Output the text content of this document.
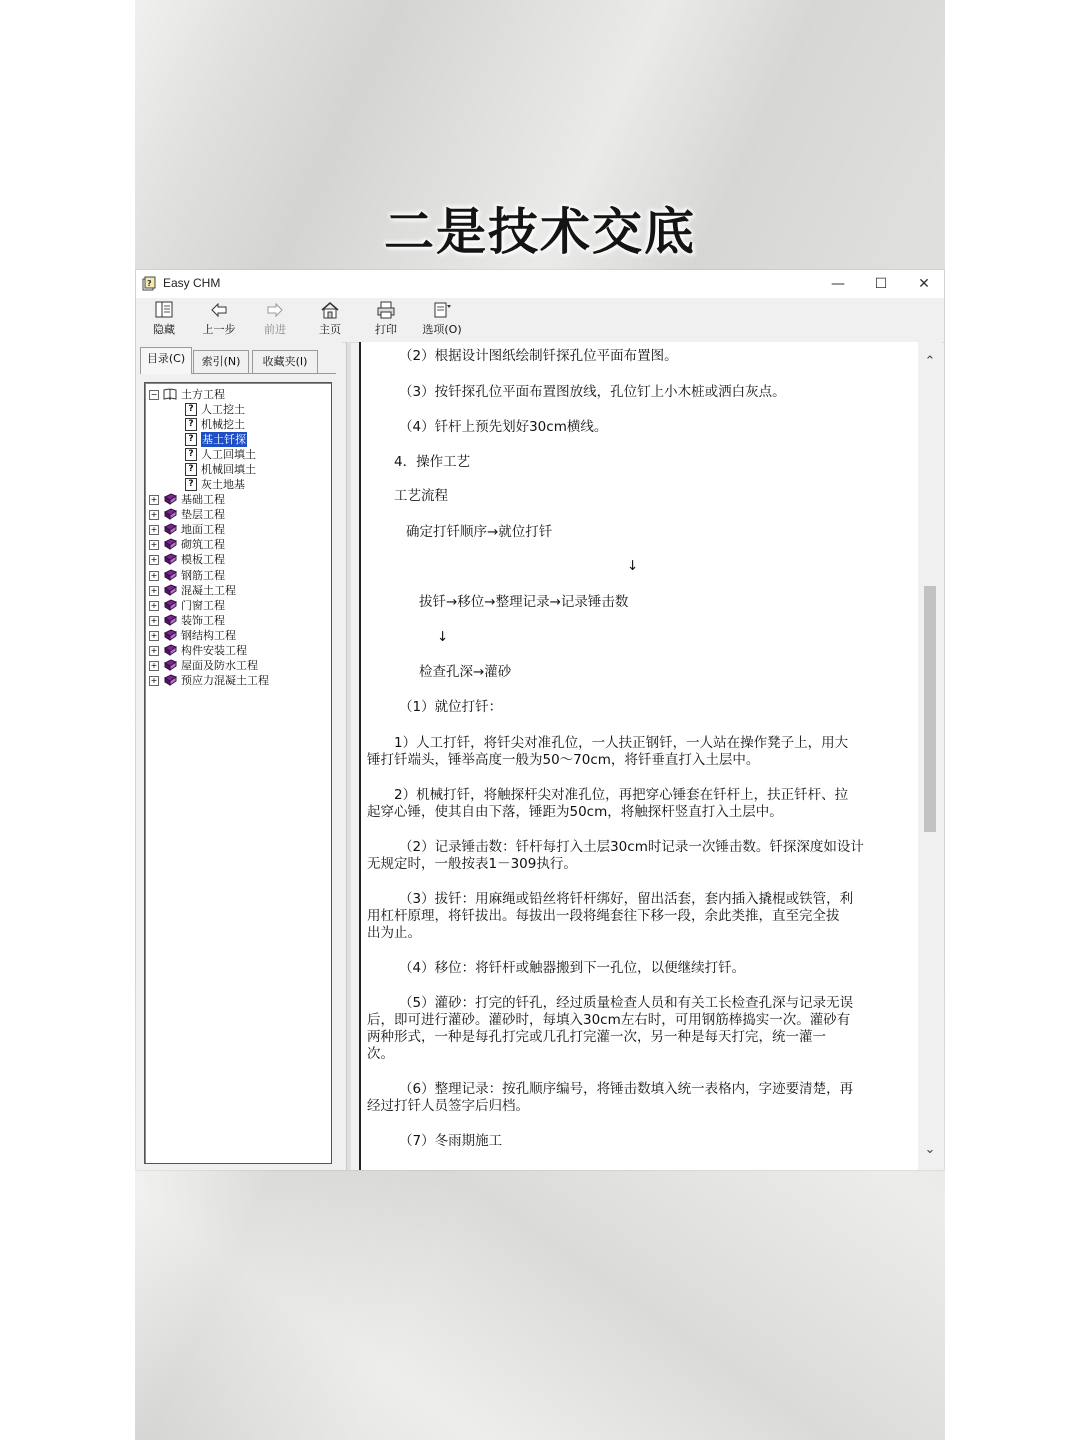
二是技术交底
? Easy CHM	—	☐	✕
隐藏	上一步	前进	主页	打印	选项(O)
目录(C)	索引(N)	收藏夹(I)
− 土方工程
? 人工挖土
? 机械挖土
? 基土钎探
? 人工回填土
? 机械回填土
? 灰土地基
+ 基础工程
+ 垫层工程
+ 地面工程
+ 砌筑工程
+ 模板工程
+ 钢筋工程
+ 混凝土工程
+ 门窗工程
+ 装饰工程
+ 钢结构工程
+ 构件安装工程
+ 屋面及防水工程
+ 预应力混凝土工程

（2）根据设计图纸绘制钎探孔位平面布置图。

（3）按钎探孔位平面布置图放线，孔位钉上小木桩或洒白灰点。

（4）钎杆上预先划好30cm横线。

4．操作工艺

工艺流程

确定打钎顺序→就位打钎

↓

拔钎→移位→整理记录→记录锤击数

↓

检查孔深→灌砂

（1）就位打钎：

1）人工打钎，将钎尖对准孔位，一人扶正钢钎，一人站在操作凳子上，用大

锤打钎端头，锤举高度一般为50～70cm，将钎垂直打入土层中。

2）机械打钎，将触探杆尖对准孔位，再把穿心锤套在钎杆上，扶正钎杆、拉

起穿心锤，使其自由下落，锤距为50cm，将触探杆竖直打入土层中。

（2）记录锤击数：钎杆每打入土层30cm时记录一次锤击数。钎探深度如设计

无规定时，一般按表1－309执行。

（3）拔钎：用麻绳或铅丝将钎杆绑好，留出活套，套内插入撬棍或铁管，利

用杠杆原理，将钎拔出。每拔出一段将绳套往下移一段，余此类推，直至完全拔

出为止。

（4）移位：将钎杆或触器搬到下一孔位，以便继续打钎。

（5）灌砂：打完的钎孔，经过质量检查人员和有关工长检查孔深与记录无误

后，即可进行灌砂。灌砂时，每填入30cm左右时，可用钢筋棒捣实一次。灌砂有

两种形式，一种是每孔打完或几孔打完灌一次，另一种是每天打完，统一灌一

次。

（6）整理记录：按孔顺序编号，将锤击数填入统一表格内，字迹要清楚，再

经过打钎人员签字后归档。

（7）冬雨期施工

⌃
⌄
